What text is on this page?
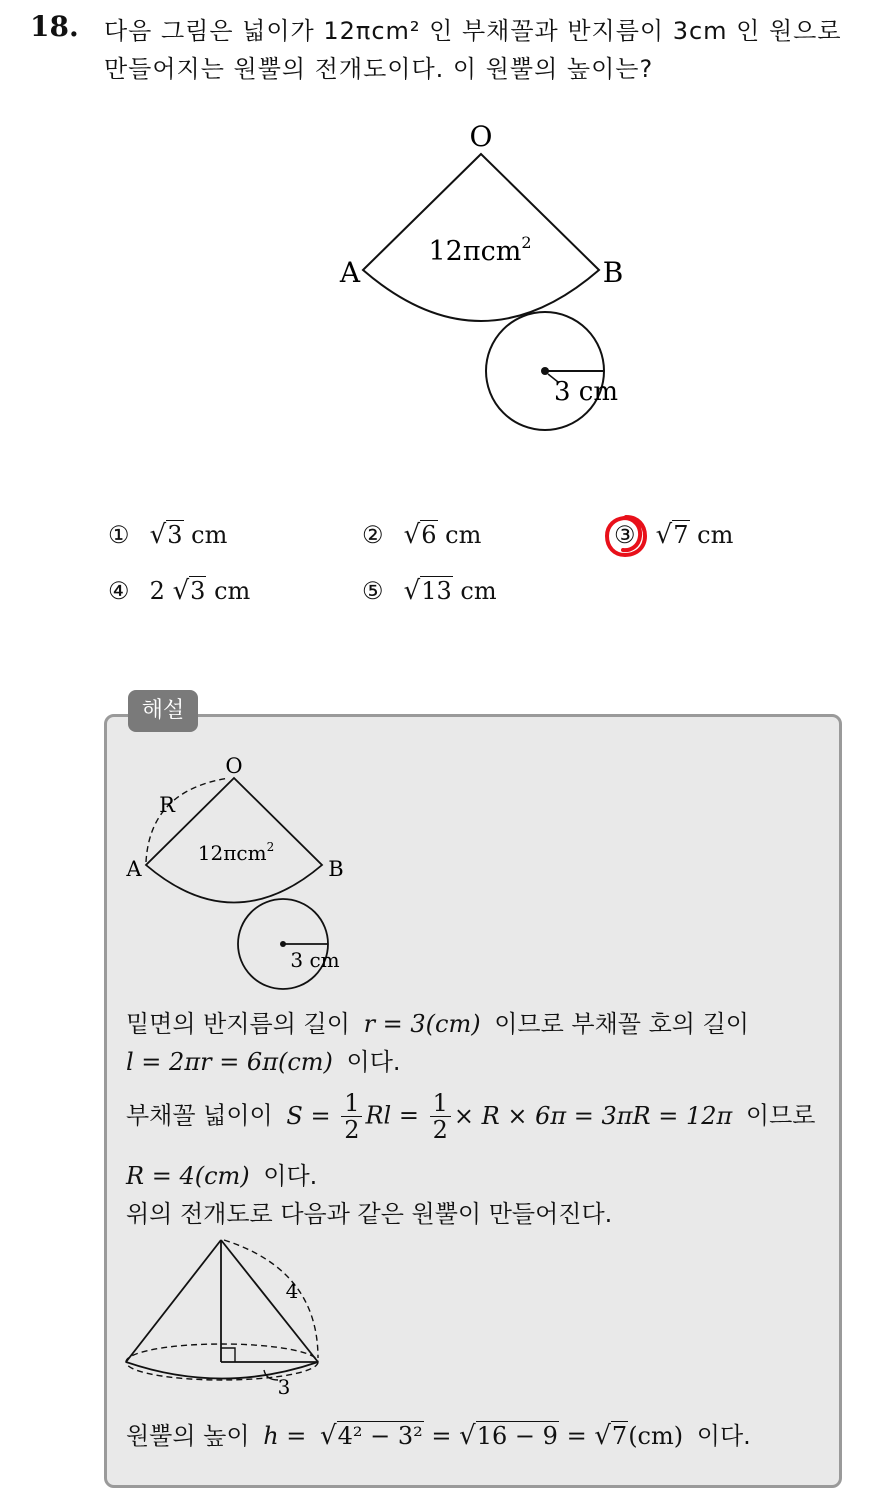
18. 다음 그림은 넓이가 12πcm² 인 부채꼴과 반지름이 3cm 인 원으로
만들어지는 원뿔의 전개도이다. 이 원뿔의 높이는?
O
A	B
12πcm$^2$
3 cm
① √3 cm	② √6 cm	③ √7 cm
④ 2 √3 cm	⑤ √13 cm
해설
O
R
A	B
12πcm$^2$
3 cm
밑면의 반지름의 길이 r = 3(cm) 이므로 부채꼴 호의 길이
l = 2πr = 6π(cm) 이다.
부채꼴 넓이이 $S = \frac{1}{2}$ $Rl = \frac{1}{2} \times R \times 6\pi = 3\pi R = 12\pi$ 이므로
R = 4(cm) 이다.
위의 전개도로 다음과 같은 원뿔이 만들어진다.
4
3
원뿔의 높이 h = √4² − 3² = √16 − 9 = √7(cm) 이다.
